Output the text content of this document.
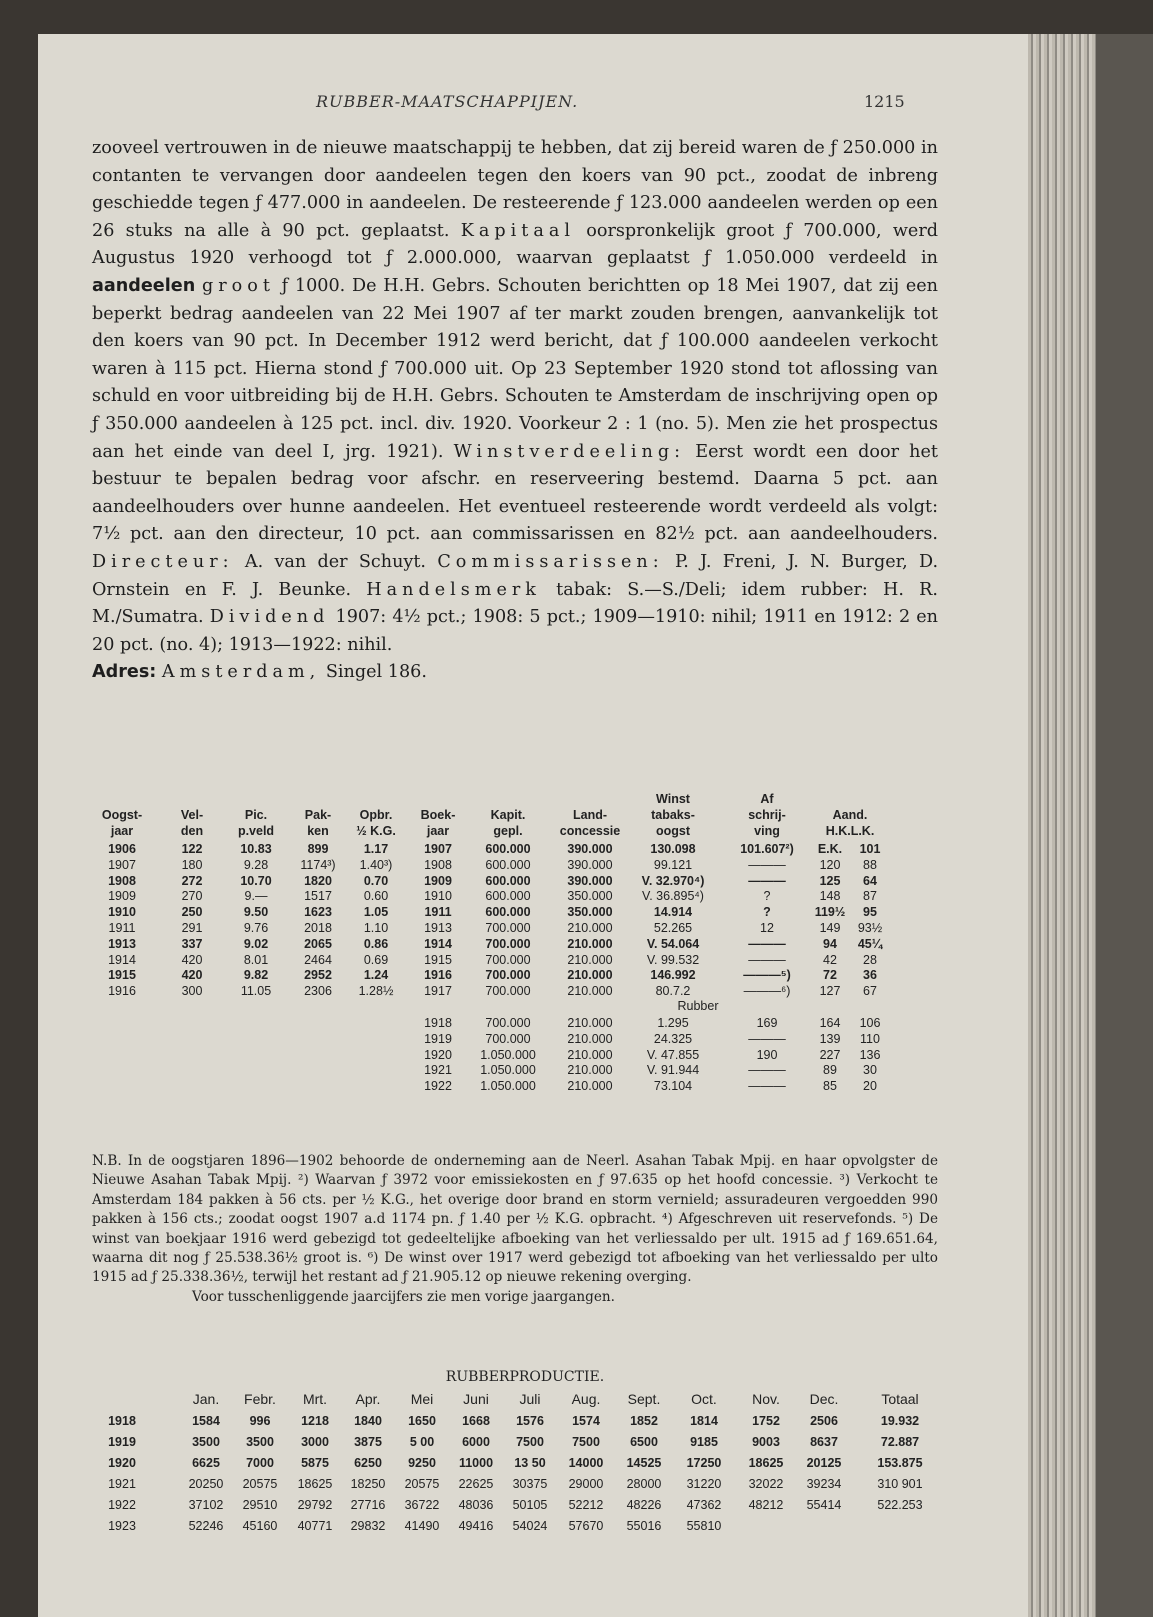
RUBBER-MAATSCHAPPIJEN.	1215

zooveel vertrouwen in de nieuwe maatschappij te hebben, dat zij bereid waren de ƒ 250.000 in contanten te vervangen door aandeelen tegen den koers van 90 pct., zoodat de inbreng geschiedde tegen ƒ 477.000 in aandeelen. De resteerende ƒ 123.000 aandeelen werden op een 26 stuks na alle à 90 pct. geplaatst. Kapitaal oorspronkelijk groot ƒ 700.000, werd Augustus 1920 verhoogd tot ƒ 2.000.000, waarvan geplaatst ƒ 1.050.000 verdeeld in aandeelen groot ƒ 1000. De H.H. Gebrs. Schouten berichtten op 18 Mei 1907, dat zij een beperkt bedrag aandeelen van 22 Mei 1907 af ter markt zouden brengen, aanvankelijk tot den koers van 90 pct. In December 1912 werd bericht, dat ƒ 100.000 aandeelen verkocht waren à 115 pct. Hierna stond ƒ 700.000 uit. Op 23 September 1920 stond tot aflossing van schuld en voor uitbreiding bij de H.H. Gebrs. Schouten te Amsterdam de inschrijving open op ƒ 350.000 aandeelen à 125 pct. incl. div. 1920. Voorkeur 2 : 1 (no. 5). Men zie het prospectus aan het einde van deel I, jrg. 1921). Winstverdeeling: Eerst wordt een door het bestuur te bepalen bedrag voor afschr. en reserveering bestemd. Daarna 5 pct. aan aandeelhouders over hunne aandeelen. Het eventueel resteerende wordt verdeeld als volgt: 7½ pct. aan den directeur, 10 pct. aan commissarissen en 82½ pct. aan aandeelhouders. Directeur: A. van der Schuyt. Commissarissen: P. J. Freni, J. N. Burger, D. Ornstein en F. J. Beunke. Handelsmerk tabak: S.—S./Deli; idem rubber: H. R. M./Sumatra. Dividend 1907: 4½ pct.; 1908: 5 pct.; 1909—1910: nihil; 1911 en 1912: 2 en 20 pct. (no. 4); 1913—1922: nihil.
Adres: Amsterdam, Singel 186.

Winst	Af
Oogst-	Vel-	Pic.	Pak-	Opbr.	Boek-	Kapit.	Land-	tabaks-	schrij-	Aand.
jaar	den	p.veld	ken	½ K.G.	jaar	gepl.	concessie	oogst	ving	H.K.L.K.
1906	122	10.83	899	1.17	1907	600.000	390.000	130.098	101.607²)	E.K.	101
1907	180	9.28	1174³)	1.40³)	1908	600.000	390.000	99.121	———	120	88
1908	272	10.70	1820	0.70	1909	600.000	390.000	V. 32.970⁴)	———	125	64
1909	270	9.—	1517	0.60	1910	600.000	350.000	V. 36.895⁴)	?	148	87
1910	250	9.50	1623	1.05	1911	600.000	350.000	14.914	?	119½	95
1911	291	9.76	2018	1.10	1913	700.000	210.000	52.265	12	149	93½
1913	337	9.02	2065	0.86	1914	700.000	210.000	V. 54.064	———	94	45¼
1914	420	8.01	2464	0.69	1915	700.000	210.000	V. 99.532	———	42	28
1915	420	9.82	2952	1.24	1916	700.000	210.000	146.992	———⁵)	72	36
1916	300	11.05	2306	1.28½	1917	700.000	210.000	80.7.2	———⁶)	127	67
Rubber
1918	700.000	210.000	1.295	169	164	106
1919	700.000	210.000	24.325	———	139	110
1920	1.050.000	210.000	V. 47.855	190	227	136
1921	1.050.000	210.000	V. 91.944	———	89	30
1922	1.050.000	210.000	73.104	———	85	20

N.B. In de oogstjaren 1896—1902 behoorde de onderneming aan de Neerl. Asahan Tabak Mpij. en haar opvolgster de Nieuwe Asahan Tabak Mpij. ²) Waarvan ƒ 3972 voor emissiekosten en ƒ 97.635 op het hoofd concessie. ³) Verkocht te Amsterdam 184 pakken à 56 cts. per ½ K.G., het overige door brand en storm vernield; assuradeuren vergoedden 990 pakken à 156 cts.; zoodat oogst 1907 a.d 1174 pn. ƒ 1.40 per ½ K.G. opbracht. ⁴) Afgeschreven uit reservefonds. ⁵) De winst van boekjaar 1916 werd gebezigd tot gedeeltelijke afboeking van het verliessaldo per ult. 1915 ad ƒ 169.651.64, waarna dit nog ƒ 25.538.36½ groot is. ⁶) De winst over 1917 werd gebezigd tot afboeking van het verliessaldo per ulto 1915 ad ƒ 25.338.36½, terwijl het restant ad ƒ 21.905.12 op nieuwe rekening overging.

Voor tusschenliggende jaarcijfers zie men vorige jaargangen.

RUBBERPRODUCTIE.
Jan.	Febr.	Mrt.	Apr.	Mei	Juni	Juli	Aug.	Sept.	Oct.	Nov.	Dec.	Totaal
1918	1584	996	1218	1840	1650	1668	1576	1574	1852	1814	1752	2506	19.932
1919	3500	3500	3000	3875	5 00	6000	7500	7500	6500	9185	9003	8637	72.887
1920	6625	7000	5875	6250	9250	11000	13 50	14000	14525	17250	18625	20125	153.875
1921	20250	20575	18625	18250	20575	22625	30375	29000	28000	31220	32022	39234	310 901
1922	37102	29510	29792	27716	36722	48036	50105	52212	48226	47362	48212	55414	522.253
1923	52246	45160	40771	29832	41490	49416	54024	57670	55016	55810
